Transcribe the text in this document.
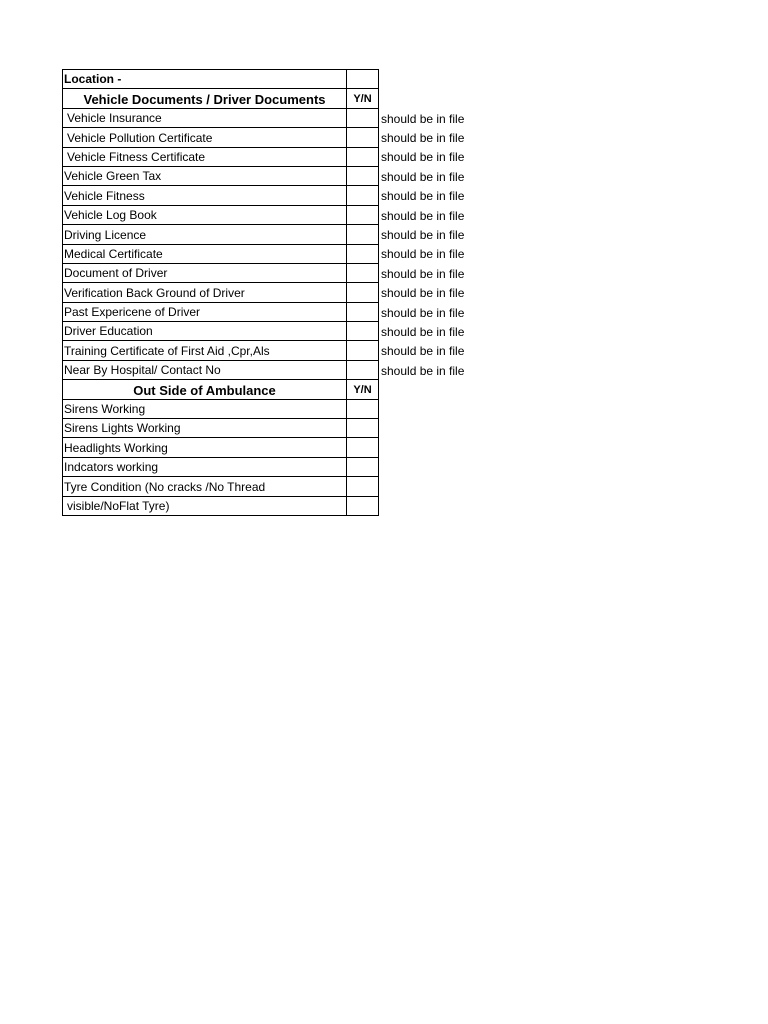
Location -		
Vehicle Documents / Driver Documents	Y/N	
Vehicle Insurance		should be in file
Vehicle Pollution Certificate		should be in file
Vehicle Fitness Certificate		should be in file
Vehicle Green Tax		should be in file
Vehicle Fitness		should be in file
Vehicle Log Book		should be in file
Driving Licence		should be in file
Medical Certificate		should be in file
Document of Driver		should be in file
Verification Back Ground of Driver		should be in file
Past Expericene of Driver		should be in file
Driver Education		should be in file
Training Certificate of First Aid ,Cpr,Als		should be in file
Near By Hospital/ Contact No		should be in file
Out Side of Ambulance	Y/N	
Sirens Working		
Sirens Lights Working		
Headlights Working		
Indcators working		
Tyre Condition (No cracks /No Thread		
visible/NoFlat Tyre)		
